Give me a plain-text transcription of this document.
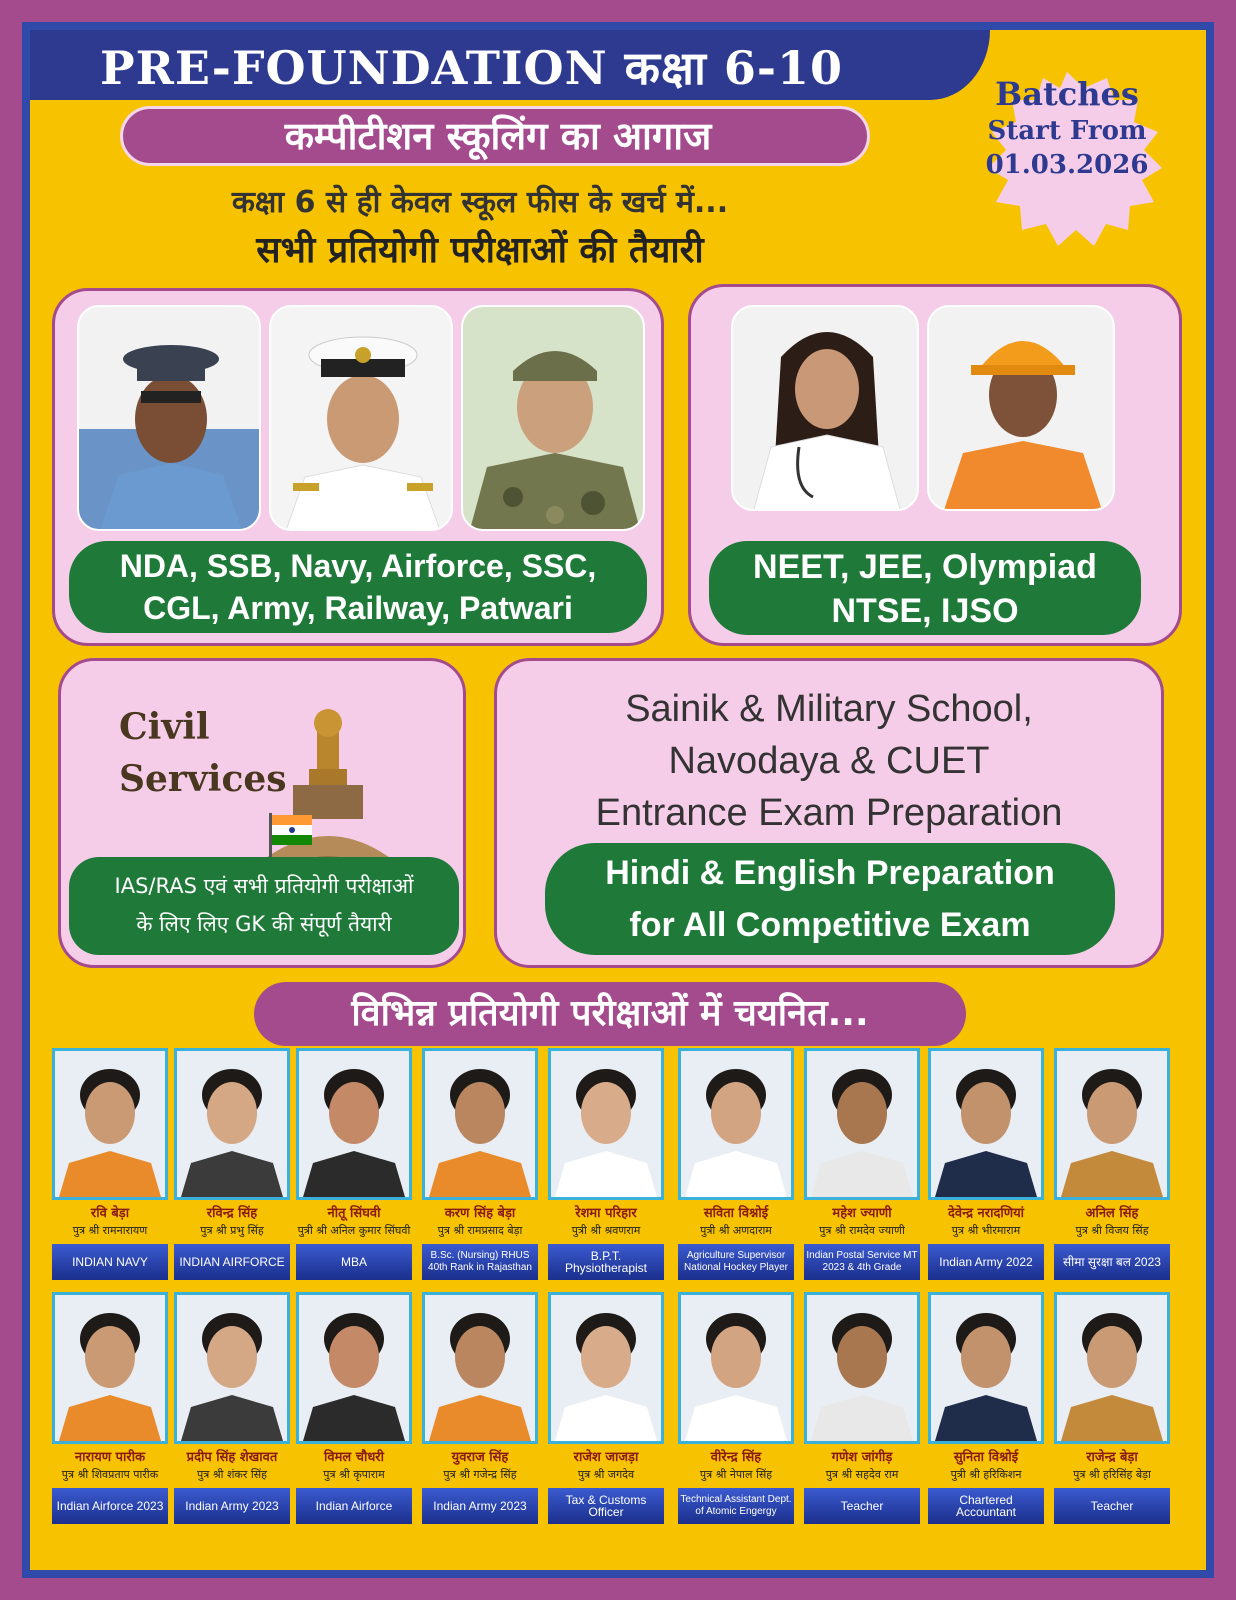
PRE-FOUNDATION कक्षा 6-10
कम्पीटीशन स्कूलिंग का आगाज
Batches
Start From
01.03.2026
कक्षा 6 से ही केवल स्कूल फीस के खर्च में...
सभी प्रतियोगी परीक्षाओं की तैयारी
NDA, SSB, Navy, Airforce, SSC,
CGL, Army, Railway, Patwari
NEET, JEE, Olympiad
NTSE, IJSO
Civil
Services
IAS/RAS एवं सभी प्रतियोगी परीक्षाओं
के लिए लिए GK की संपूर्ण तैयारी
Sainik & Military School,
Navodaya & CUET
Entrance Exam Preparation
Hindi & English Preparation
for All Competitive Exam
विभिन्न प्रतियोगी परीक्षाओं में चयनित...
रवि बेड़ा
पुत्र श्री रामनारायण
INDIAN NAVY
रविन्द्र सिंह
पुत्र श्री प्रभु सिंह
INDIAN AIRFORCE
नीतू सिंघवी
पुत्री श्री अनिल कुमार सिंघवी
MBA
करण सिंह बेड़ा
पुत्र श्री रामप्रसाद बेड़ा
B.Sc. (Nursing) RHUS 40th Rank in Rajasthan
रेशमा परिहार
पुत्री श्री श्रवणराम
B.P.T. Physiotherapist
सविता विश्नोई
पुत्री श्री अणदाराम
Agriculture Supervisor National Hockey Player
महेश ज्याणी
पुत्र श्री रामदेव ज्याणी
Indian Postal Service MT 2023 & 4th Grade
देवेन्द्र नरादणियां
पुत्र श्री भीरमाराम
Indian Army 2022
अनिल सिंह
पुत्र श्री विजय सिंह
सीमा सुरक्षा बल 2023
नारायण पारीक
पुत्र श्री शिवप्रताप पारीक
Indian Airforce 2023
प्रदीप सिंह शेखावत
पुत्र श्री शंकर सिंह
Indian Army 2023
विमल चौधरी
पुत्र श्री कृपाराम
Indian Airforce
युवराज सिंह
पुत्र श्री गजेन्द्र सिंह
Indian Army 2023
राजेश जाजड़ा
पुत्र श्री जगदेव
Tax & Customs Officer
वीरेन्द्र सिंह
पुत्र श्री नेपाल सिंह
Technical Assistant Dept. of Atomic Engergy
गणेश जांगीड़
पुत्र श्री सहदेव राम
Teacher
सुनिता विश्नोई
पुत्री श्री हरिकिशन
Chartered Accountant
राजेन्द्र बेड़ा
पुत्र श्री हरिसिंह बेड़ा
Teacher
